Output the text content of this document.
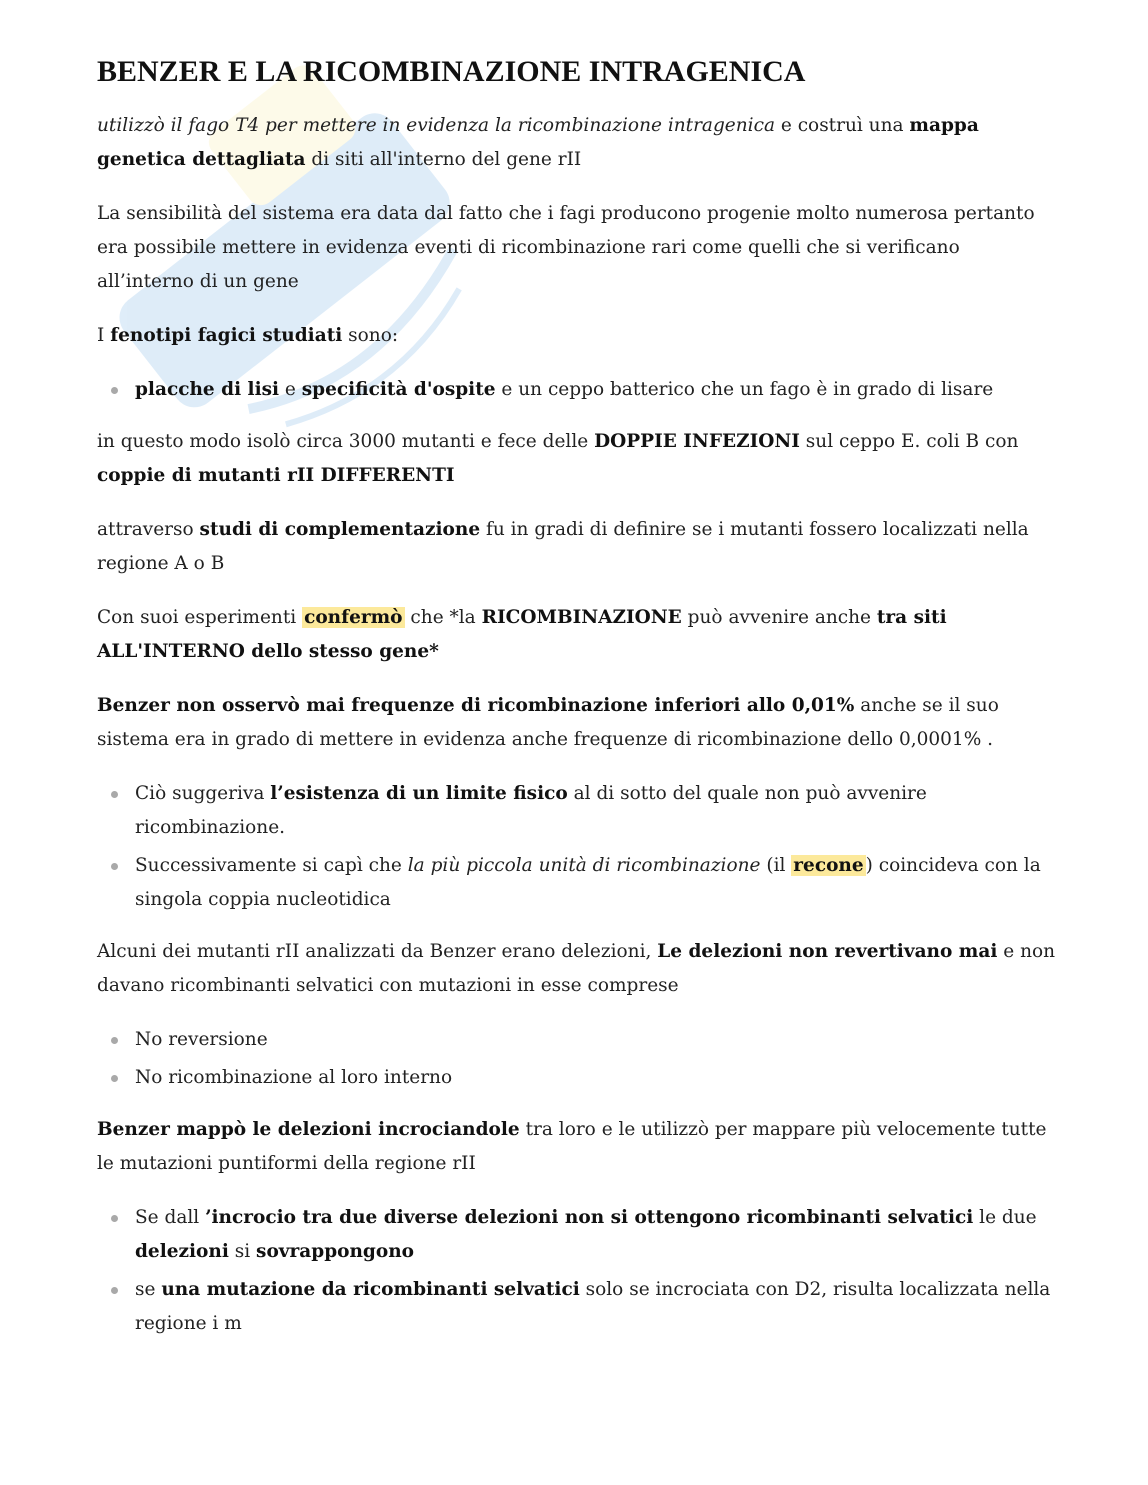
BENZER E LA RICOMBINAZIONE INTRAGENICA

utilizzò il fago T4 per mettere in evidenza la ricombinazione intragenica e costruì una mappa genetica dettagliata di siti all'interno del gene rII

La sensibilità del sistema era data dal fatto che i fagi producono progenie molto numerosa pertanto era possibile mettere in evidenza eventi di ricombinazione rari come quelli che si verificano all’interno di un gene

I fenotipi fagici studiati sono:

placche di lisi e specificità d'ospite e un ceppo batterico che un fago è in grado di lisare

in questo modo isolò circa 3000 mutanti e fece delle DOPPIE INFEZIONI sul ceppo E. coli B con coppie di mutanti rII DIFFERENTI

attraverso studi di complementazione fu in gradi di definire se i mutanti fossero localizzati nella regione A o B

Con suoi esperimenti confermò che *la RICOMBINAZIONE può avvenire anche tra siti ALL'INTERNO dello stesso gene*

Benzer non osservò mai frequenze di ricombinazione inferiori allo 0,01% anche se il suo sistema era in grado di mettere in evidenza anche frequenze di ricombinazione dello 0,0001% .

Ciò suggeriva l’esistenza di un limite fisico al di sotto del quale non può avvenire ricombinazione.
Successivamente si capì che la più piccola unità di ricombinazione (il recone ) coincideva con la singola coppia nucleotidica

Alcuni dei mutanti rII analizzati da Benzer erano delezioni, Le delezioni non revertivano mai e non davano ricombinanti selvatici con mutazioni in esse comprese

No reversione
No ricombinazione al loro interno

Benzer mappò le delezioni incrociandole tra loro e le utilizzò per mappare più velocemente tutte le mutazioni puntiformi della regione rII

Se dall ’incrocio tra due diverse delezioni non si ottengono ricombinanti selvatici le due delezioni si sovrappongono
se una mutazione da ricombinanti selvatici solo se incrociata con D2, risulta localizzata nella regione i m
